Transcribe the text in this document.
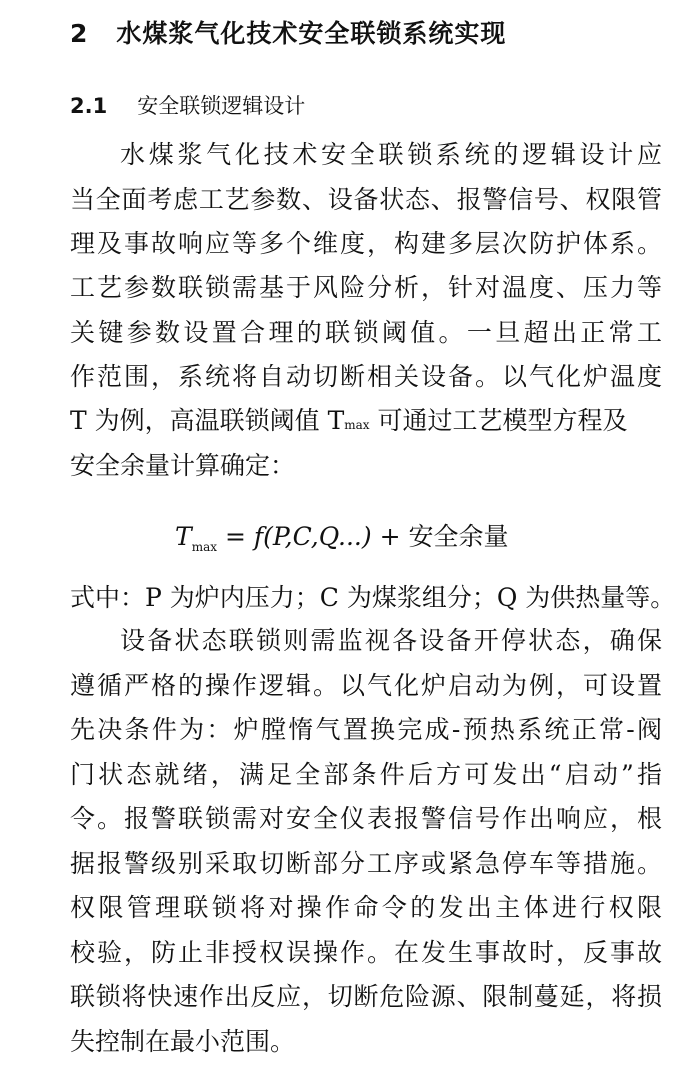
2 水煤浆气化技术安全联锁系统实现
2.1 安全联锁逻辑设计
水煤浆气化技术安全联锁系统的逻辑设计应
当全面考虑工艺参数、设备状态、报警信号、权限管
理及事故响应等多个维度，构建多层次防护体系。
工艺参数联锁需基于风险分析，针对温度、压力等
关键参数设置合理的联锁阈值。一旦超出正常工
作范围，系统将自动切断相关设备。以气化炉温度
T 为例，高温联锁阈值 Tmax 可通过工艺模型方程及
安全余量计算确定：
$T_{max} = f(P,C,Q...)$ + 安全余量
式中：P 为炉内压力；C 为煤浆组分；Q 为供热量等。
设备状态联锁则需监视各设备开停状态，确保
遵循严格的操作逻辑。以气化炉启动为例，可设置
先决条件为：炉膛惰气置换完成-预热系统正常-阀
门状态就绪，满足全部条件后方可发出“启动”指
令。报警联锁需对安全仪表报警信号作出响应，根
据报警级别采取切断部分工序或紧急停车等措施。
权限管理联锁将对操作命令的发出主体进行权限
校验，防止非授权误操作。在发生事故时，反事故
联锁将快速作出反应，切断危险源、限制蔓延，将损
失控制在最小范围。
